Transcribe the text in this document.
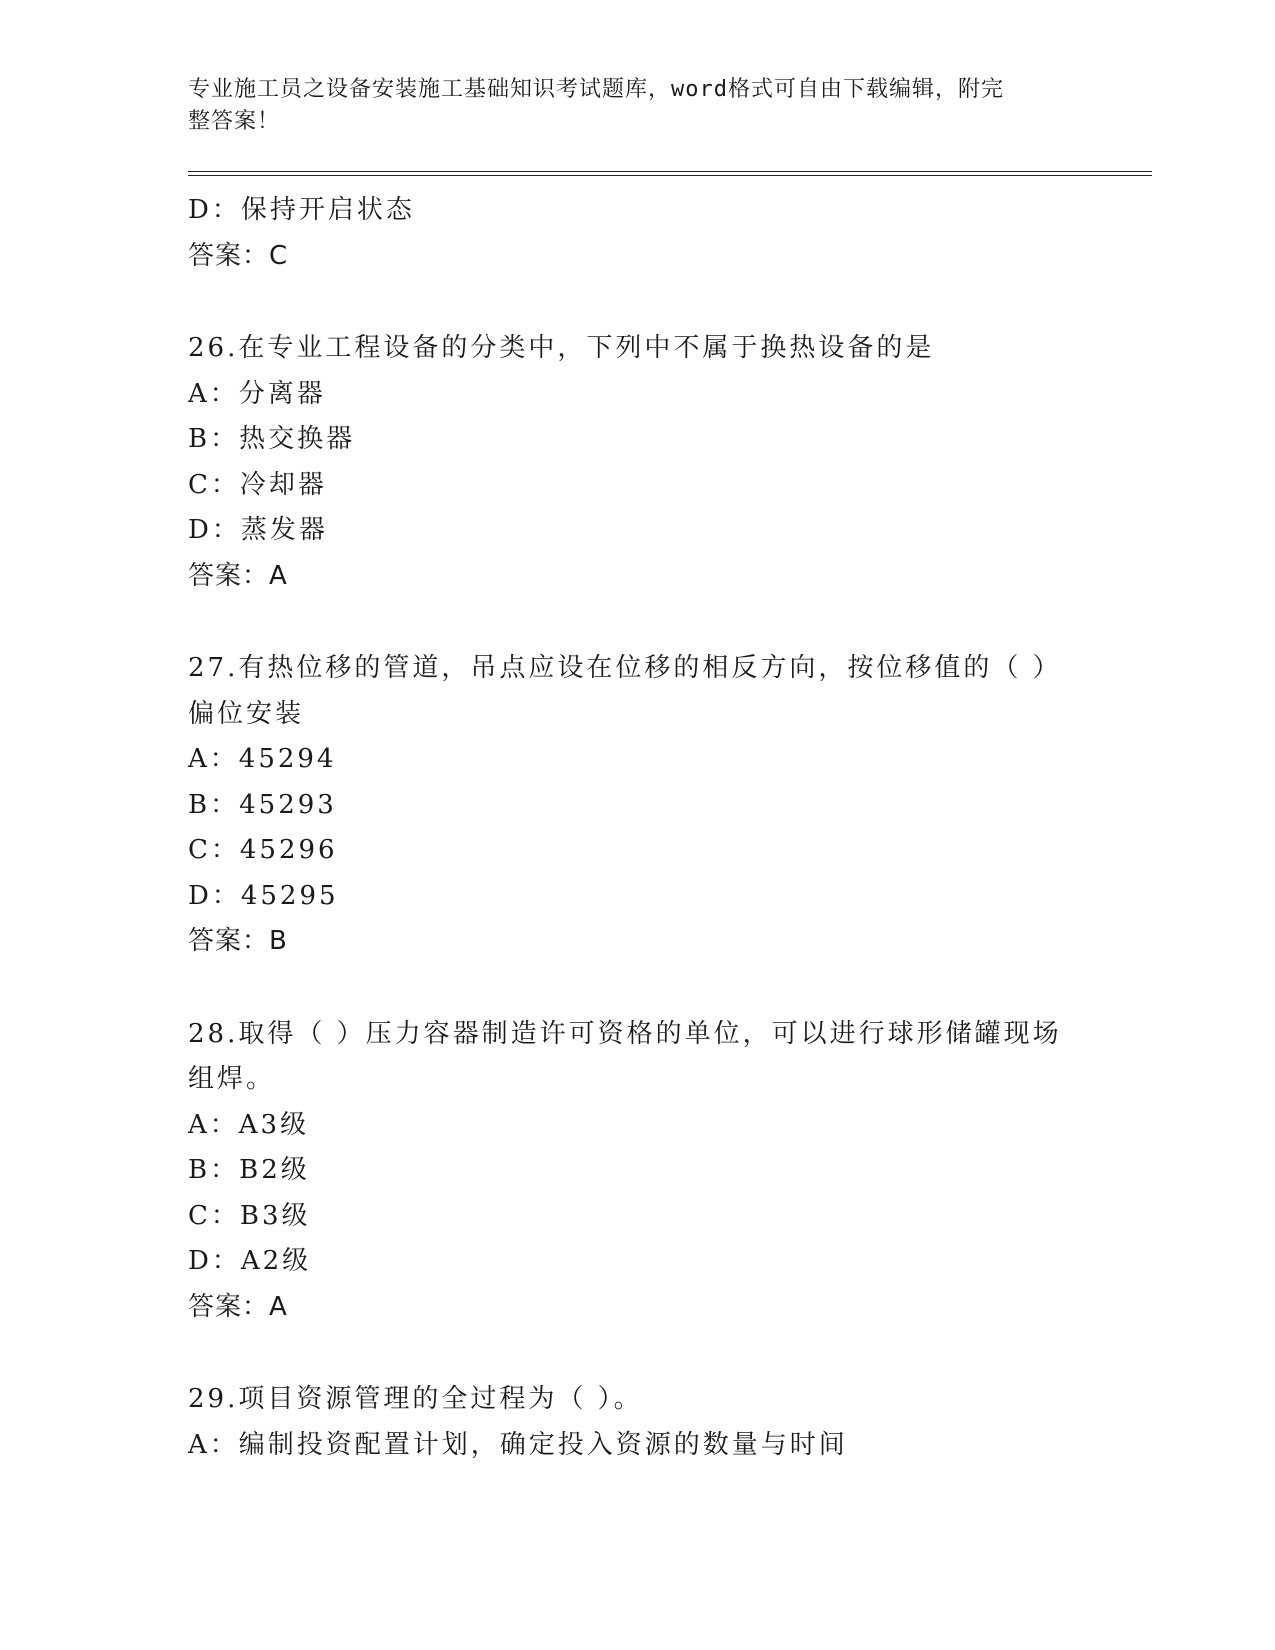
专业施工员之设备安装施工基础知识考试题库，word格式可自由下载编辑，附完
整答案！
D：保持开启状态
答案：C
26.在专业工程设备的分类中，下列中不属于换热设备的是
A：分离器
B：热交换器
C：冷却器
D：蒸发器
答案：A
27.有热位移的管道，吊点应设在位移的相反方向，按位移值的（ ）
偏位安装
A：45294
B：45293
C：45296
D：45295
答案：B
28.取得（ ）压力容器制造许可资格的单位，可以进行球形储罐现场
组焊。
A：A3级
B：B2级
C：B3级
D：A2级
答案：A
29.项目资源管理的全过程为（ ）。
A：编制投资配置计划，确定投入资源的数量与时间
